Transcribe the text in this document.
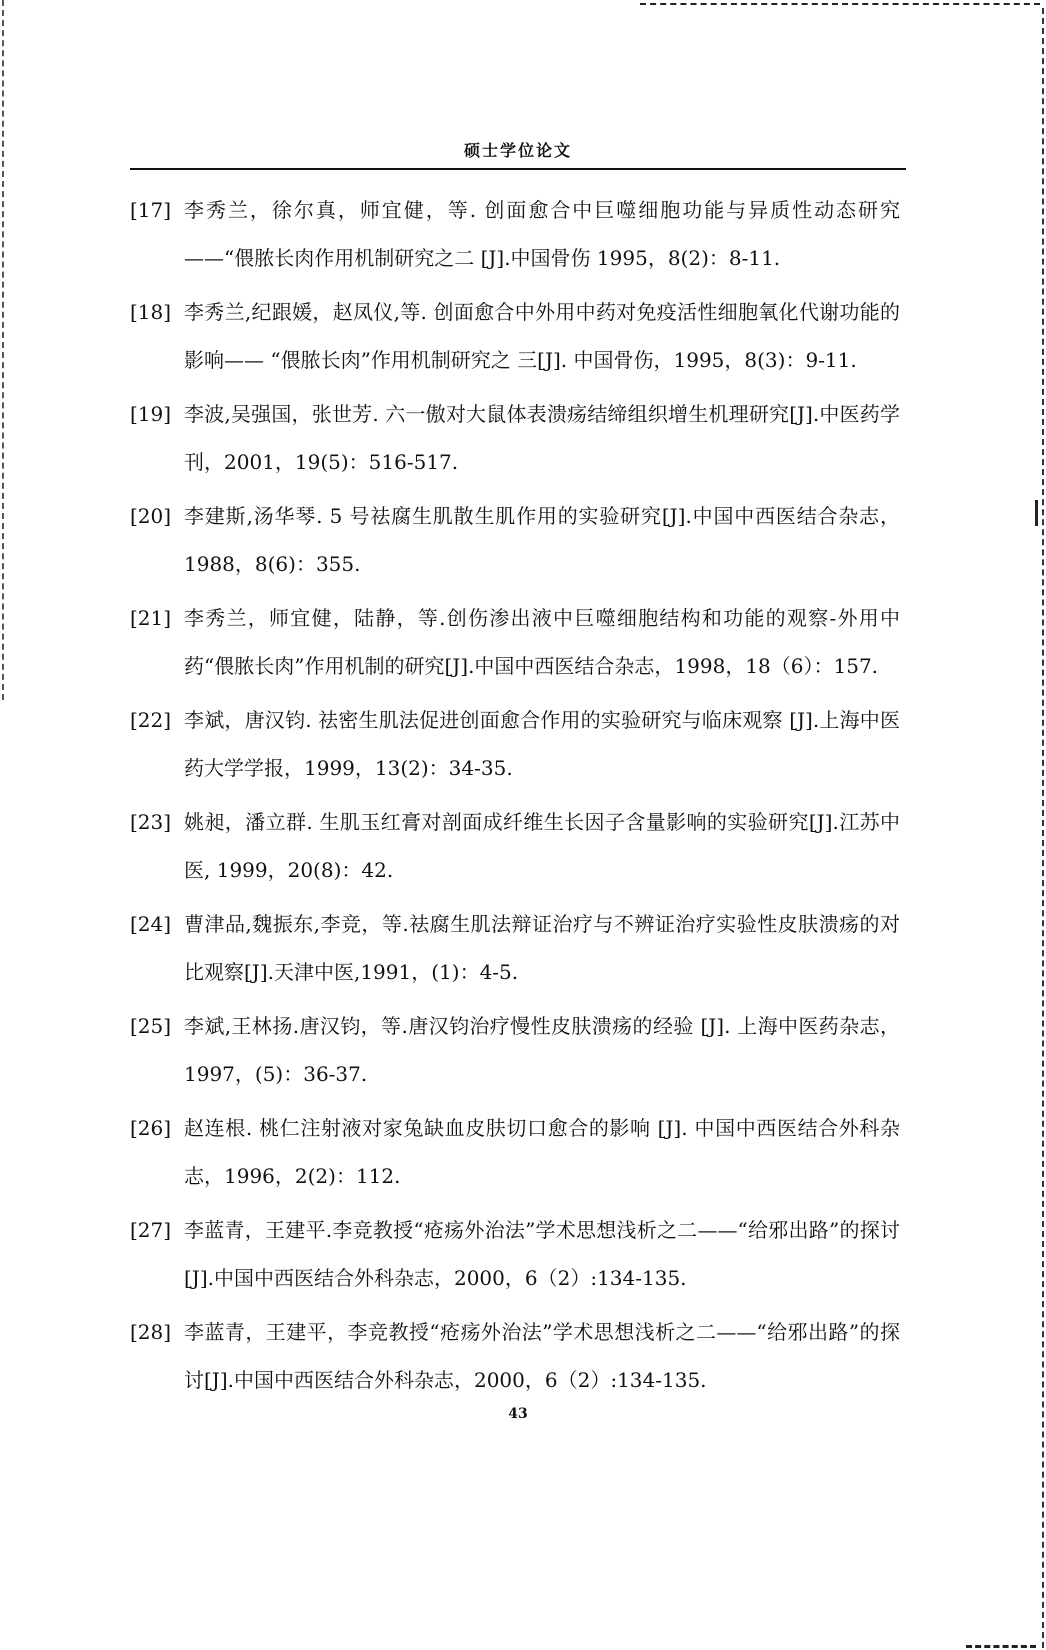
硕士学位论文
[17] 李秀兰，徐尔真，师宜健，等. 创面愈合中巨噬细胞功能与异质性动态研究——“偎脓长肉作用机制研究之二 [J].中国骨伤 1995，8(2)：8-11.
[18] 李秀兰,纪跟媛，赵凤仪,等. 创面愈合中外用中药对免疫活性细胞氧化代谢功能的影响—— “偎脓长肉”作用机制研究之 三[J]. 中国骨伤，1995，8(3)：9-11.
[19] 李波,吴强国，张世芳. 六一傲对大鼠体表溃疡结缔组织增生机理研究[J].中医药学刊，2001，19(5)：516-517.
[20] 李建斯,汤华琴. 5 号祛腐生肌散生肌作用的实验研究[J].中国中西医结合杂志，1988，8(6)：355.
[21] 李秀兰，师宜健，陆静，等.创伤渗出液中巨噬细胞结构和功能的观察-外用中药“偎脓长肉”作用机制的研究[J].中国中西医结合杂志，1998，18（6）：157.
[22] 李斌，唐汉钧. 祛密生肌法促进创面愈合作用的实验研究与临床观察 [J].上海中医药大学学报，1999，13(2)：34-35.
[23] 姚昶，潘立群. 生肌玉红膏对剖面成纤维生长因子含量影响的实验研究[J].江苏中医, 1999，20(8)：42.
[24] 曹津品,魏振东,李竞，等.祛腐生肌法辩证治疗与不辨证治疗实验性皮肤溃疡的对比观察[J].天津中医,1991，(1)：4-5.
[25] 李斌,王林扬.唐汉钧，等.唐汉钧治疗慢性皮肤溃疡的经验 [J]. 上海中医药杂志， 1997，(5)：36-37.
[26] 赵连根. 桃仁注射液对家兔缺血皮肤切口愈合的影响 [J]. 中国中西医结合外科杂志，1996，2(2)：112.
[27] 李蓝青，王建平.李竞教授“疮疡外治法”学术思想浅析之二——“给邪出路”的探讨[J].中国中西医结合外科杂志，2000，6（2）:134-135.
[28] 李蓝青，王建平，李竞教授“疮疡外治法”学术思想浅析之二——“给邪出路”的探讨[J].中国中西医结合外科杂志，2000，6（2）:134-135.
43
